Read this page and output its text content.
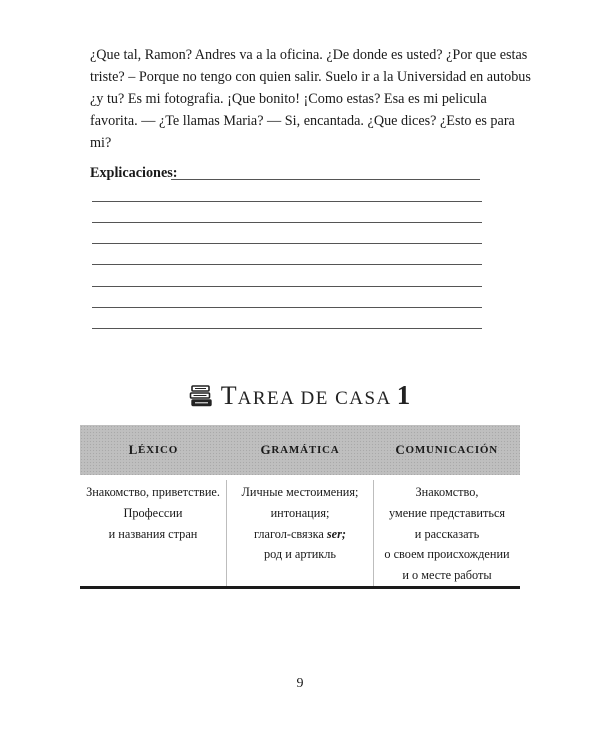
¿Que tal, Ramon? Andres va a la oficina. ¿De donde es usted? ¿Por que estas
triste? – Porque no tengo con quien salir. Suelo ir a la Universidad en autobus
¿y tu? Es mi fotografia. ¡Que bonito! ¡Como estas? Esa es mi pelicula
favorita. — ¿Te llamas Maria? — Si, encantada. ¿Que dices? ¿Esto es para
mi?
Explicaciones:
TAREA DE CASA 1
L ÉXICO	G RAMÁTICA	C OMUNICACIÓN
Знакомство, приветствие.
Профессии
и названия стран
Личные местоимения;
интонация;
глагол-связка ser;
род и артикль
Знакомство,
умение представиться
и рассказать
о своем происхождении
и о месте работы
9
